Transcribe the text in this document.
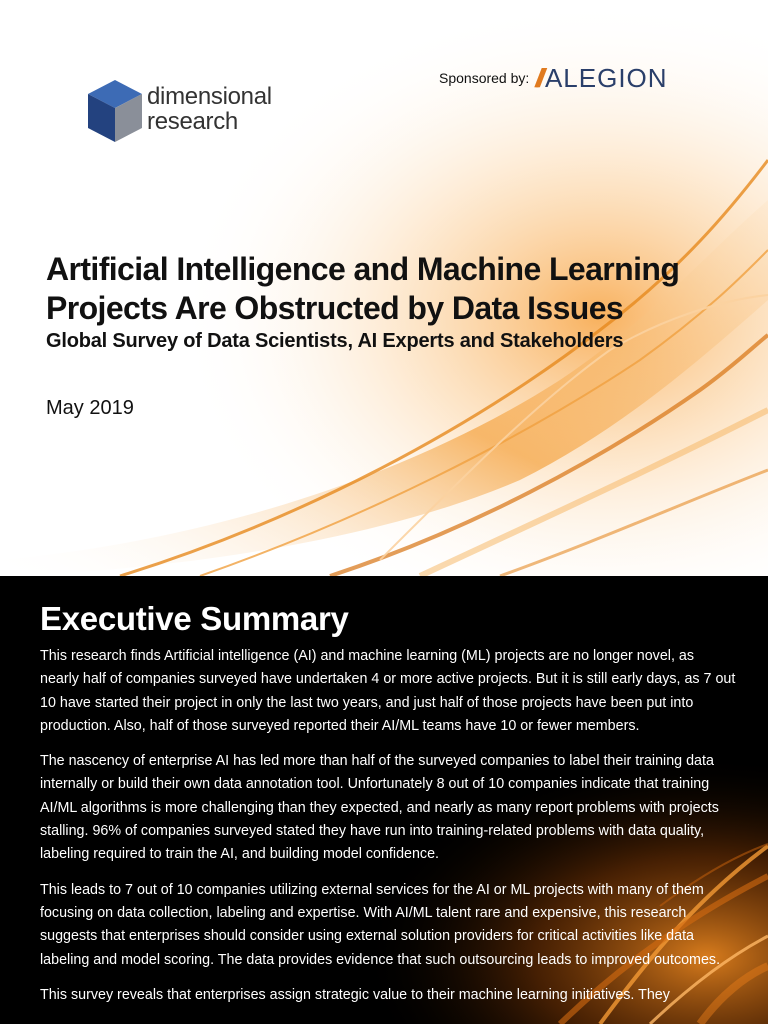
dimensional
research
Sponsored by: /// ALEGION
Artificial Intelligence and Machine Learning Projects Are Obstructed by Data Issues
Global Survey of Data Scientists, AI Experts and Stakeholders
May 2019
Executive Summary

This research finds Artificial intelligence (AI) and machine learning (ML) projects are no longer novel, as nearly half of companies surveyed have undertaken 4 or more active projects. But it is still early days, as 7 out 10 have started their project in only the last two years, and just half of those projects have been put into production. Also, half of those surveyed reported their AI/ML teams have 10 or fewer members.

The nascency of enterprise AI has led more than half of the surveyed companies to label their training data internally or build their own data annotation tool. Unfortunately 8 out of 10 companies indicate that training AI/ML algorithms is more challenging than they expected, and nearly as many report problems with projects stalling. 96% of companies surveyed stated they have run into training-related problems with data quality, labeling required to train the AI, and building model confidence.

This leads to 7 out of 10 companies utilizing external services for the AI or ML projects with many of them focusing on data collection, labeling and expertise. With AI/ML talent rare and expensive, this research suggests that enterprises should consider using external solution providers for critical activities like data labeling and model scoring. The data provides evidence that such outsourcing leads to improved outcomes.

This survey reveals that enterprises assign strategic value to their machine learning initiatives. They
